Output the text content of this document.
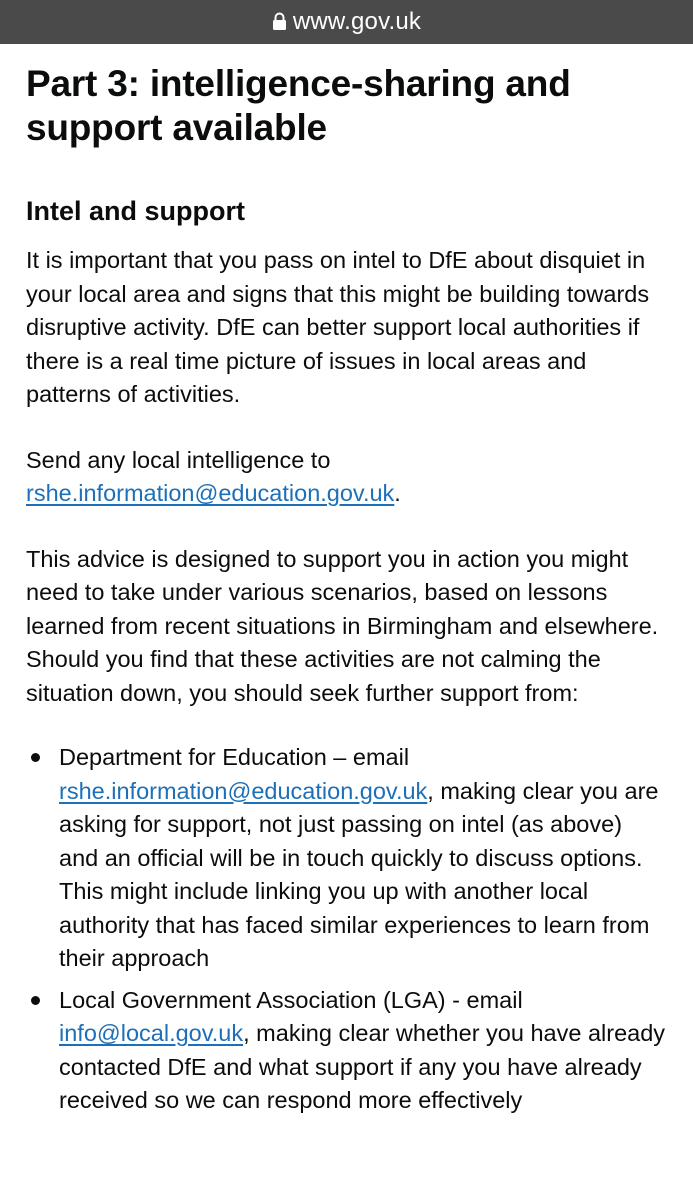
www.gov.uk
Part 3: intelligence-sharing and support available
Intel and support

It is important that you pass on intel to DfE about disquiet in your local area and signs that this might be building towards disruptive activity. DfE can better support local authorities if there is a real time picture of issues in local areas and patterns of activities.

Send any local intelligence to
rshe.information@education.gov.uk.

This advice is designed to support you in action you might need to take under various scenarios, based on lessons learned from recent situations in Birmingham and elsewhere. Should you find that these activities are not calming the situation down, you should seek further support from:

Department for Education – email
rshe.information@education.gov.uk, making clear you are asking for support, not just passing on intel (as above) and an official will be in touch quickly to discuss options. This might include linking you up with another local authority that has faced similar experiences to learn from their approach
Local Government Association (LGA) - email
info@local.gov.uk, making clear whether you have already contacted DfE and what support if any you have already received so we can respond more effectively
